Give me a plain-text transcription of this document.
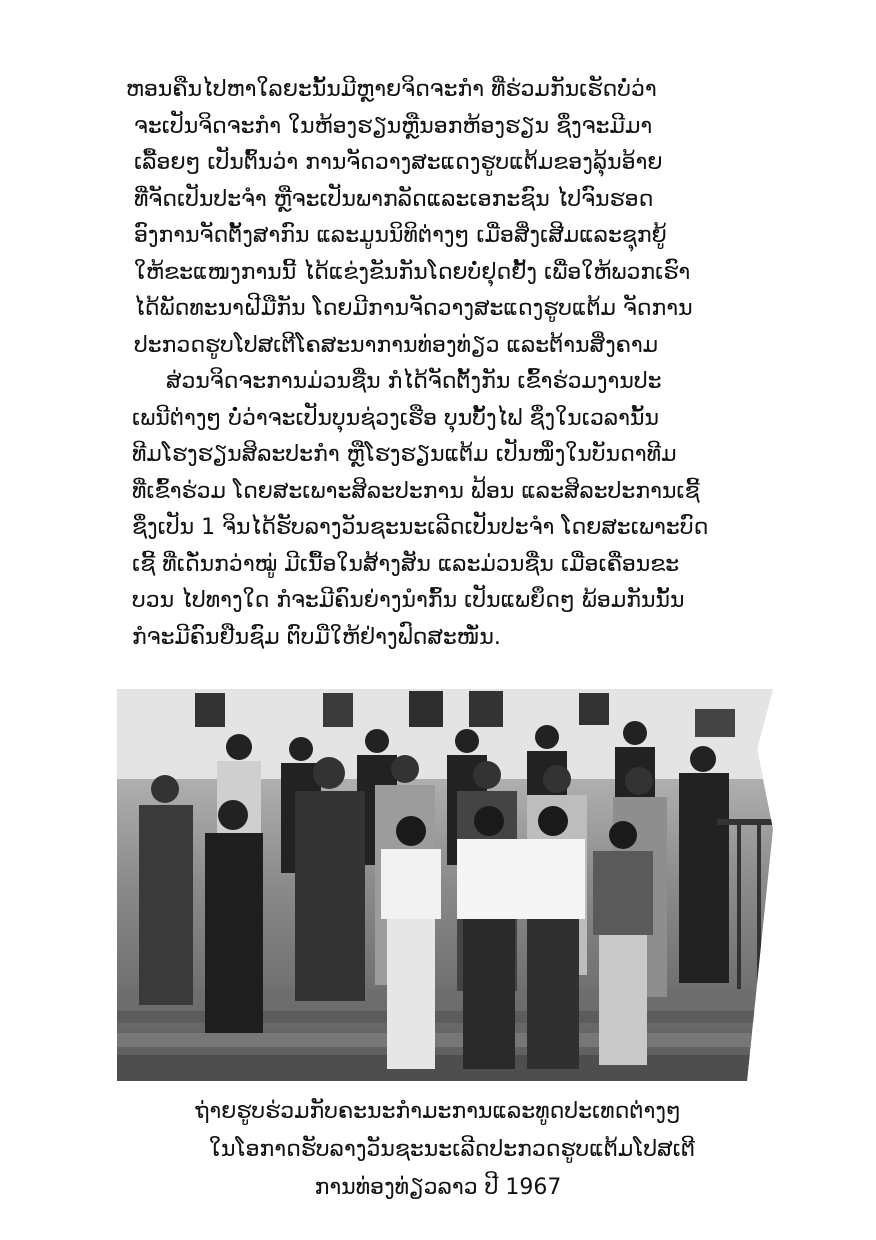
ຫອນຄືນໄປຫາໃລຍະນັ້ນມີຫຼາຍຈິດຈະກຳ ທີ່ຮ່ວມກັນເຮັດບໍ່ວ່າ
ຈະເປັນຈິດຈະກຳ ໃນຫ້ອງຮຽນຫຼືນອກຫ້ອງຮຽນ ຊຶ່ງຈະມີມາ
ເລື້ອຍໆ ເປັນຕົ້ນວ່າ ການຈັດວາງສະແດງຮູບແຕ້ມຂອງລຸ້ນອ້າຍ
ທີ່ຈັດເປັນປະຈຳ ຫຼືຈະເປັນພາກລັດແລະເອກະຊົນ ໄປຈົນຮອດ
ອົງການຈັດຕັ້ງສາກົນ ແລະມູນນິທິຕ່າງໆ ເມື່ອສິ່ງເສີມແລະຊຸກຍູ້
ໃຫ້ຂະແໜງການນີ້ ໄດ້ແຂ່ງຂັນກັນໂດຍບໍ່ຢຸດຢັ້ງ ເພື່ອໃຫ້ພວກເຮົາ
ໄດ້ພັດທະນາຝີມືກັນ ໂດຍມີການຈັດວາງສະແດງຮູບແຕ້ມ ຈັດການ
ປະກວດຮູບໂປສເຕີໂຄສະນາການທ່ອງທ່ຽວ ແລະຕ້ານສິ່ງຄາມ
ສ່ວນຈິດຈະການມ່ວນຊື່ນ ກໍໄດ້ຈັດຕັ້ງກັນ ເຂົ້າຮ່ວມງານປະ
ເພນີຕ່າງໆ ບໍ່ວ່າຈະເປັນບຸນຊ່ວງເຮືອ ບຸນບັ້ງໄຟ ຊຶ່ງໃນເວລານັ້ນ
ທີມໂຮງຮຽນສິລະປະກຳ ຫຼືໂຮງຮຽນແຕ້ມ ເປັນໜຶ່ງໃນບັນດາທີມ
ທີ່ເຂົ້າຮ່ວມ ໂດຍສະເພາະສິລະປະການ ຟ້ອນ ແລະສິລະປະການເຊີ້
ຊຶ່ງເປັນ 1 ຈິນໄດ້ຮັບລາງວັນຊະນະເລີດເປັນປະຈຳ ໂດຍສະເພາະບົດ
ເຊີ້ ທີ່ເດັ່ນກວ່າໝູ່ ມີເນື້ອໃນສ້າງສັນ ແລະມ່ວນຊື່ນ ເມື່ອເຄື່ອນຂະ
ບວນ ໄປທາງໃດ ກໍຈະມີຄົນຍ່າງນຳກົ້ນ ເປັນແພຍຶດໆ ພ້ອມກັນນັ້ນ
ກໍຈະມີຄົນຢືນຊົມ ຕົບມືໃຫ້ຢ່າງຟົດສະໜັ່ນ.
ຖ່າຍຮູບຮ່ວມກັບຄະນະກຳມະການແລະທູດປະເທດຕ່າງໆ
ໃນໂອກາດຮັບລາງວັນຊະນະເລີດປະກວດຮູບແຕ້ມໂປສເຕີ
ການທ່ອງທ່ຽວລາວ ປີ 1967
